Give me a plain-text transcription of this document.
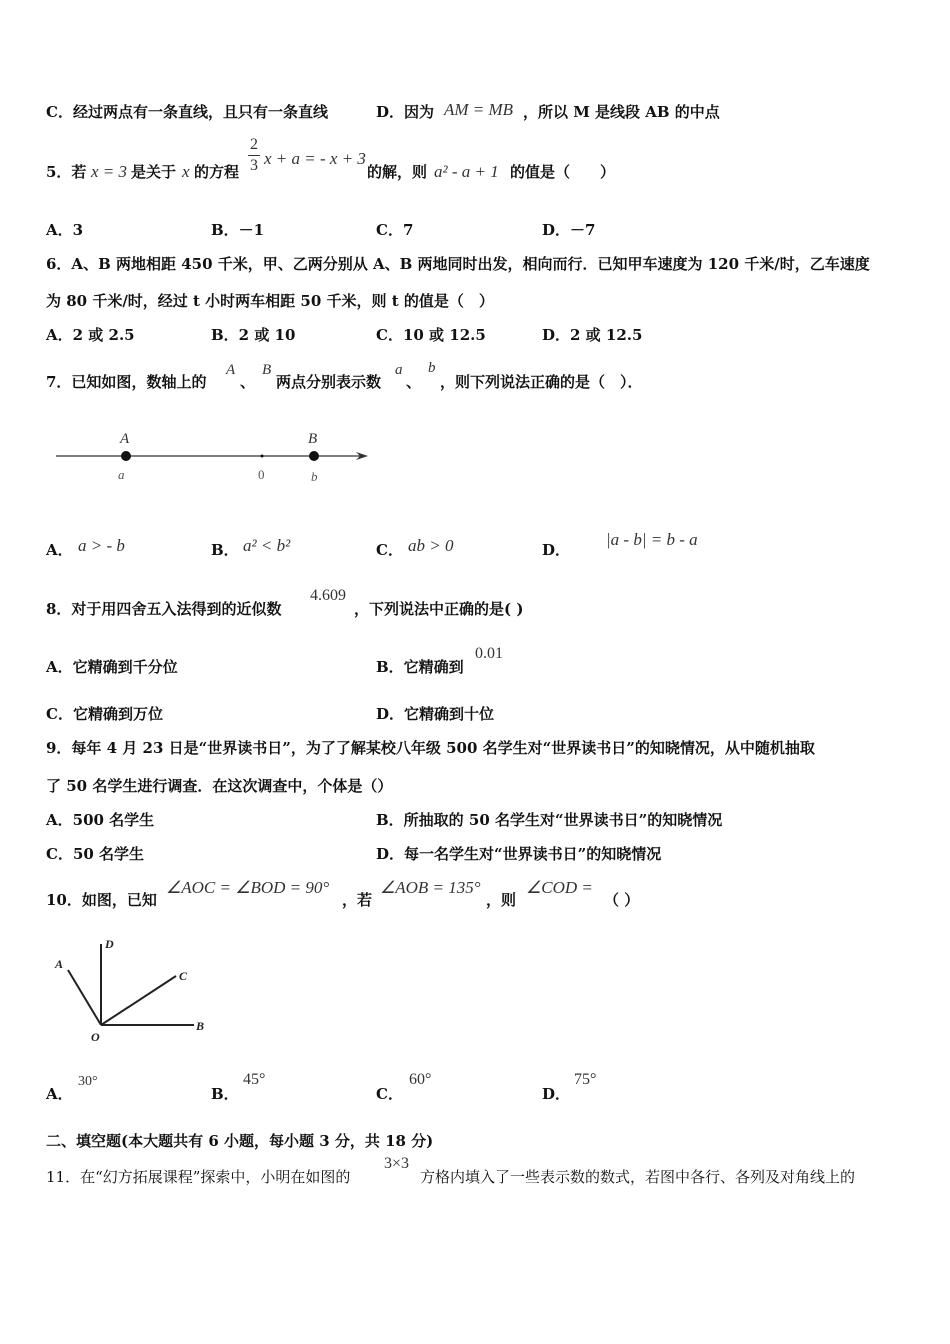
C．经过两点有一条直线，且只有一条直线	D．因为 AM = MB ，所以 M 是线段 AB 的中点
5．若 x = 3 是关于 x 的方程
2
3 x + a = - x + 3
的解，则 a² - a + 1 的值是（　　）
A．3	B．－1	C．7	D．－7
6．A、B 两地相距 450 千米，甲、乙两分别从 A、B 两地同时出发，相向而行．已知甲车速度为 120 千米/时，乙车速度
为 80 千米/时，经过 t 小时两车相距 50 千米，则 t 的值是（　）
A．2 或 2.5	B．2 或 10	C．10 或 12.5	D．2 或 12.5
7．已知如图，数轴上的
A
、
B
两点分别表示数
a
、
b
，则下列说法正确的是（　）．
A	B
a	0	b
A． a > - b	B． a² < b²	C． ab > 0	D．
|a - b| = b - a
8．对于用四舍五入法得到的近似数
4.609
，下列说法中正确的是( )
A．它精确到千分位	B．它精确到
0.01
C．它精确到万位	D．它精确到十位
9．每年 4 月 23 日是“世界读书日”，为了了解某校八年级 500 名学生对“世界读书日”的知晓情况，从中随机抽取
了 50 名学生进行调查．在这次调查中，个体是（）
A．500 名学生	B．所抽取的 50 名学生对“世界读书日”的知晓情况
C．50 名学生	D．每一名学生对“世界读书日”的知晓情况
10．如图，已知
∠AOC = ∠BOD = 90°
，若
∠AOB = 135°
，则
∠COD =
（ ）
D
A
C
O
B
A．
30°
B．
45°
C．
60°
D．
75°
二、填空题(本大题共有 6 小题，每小题 3 分，共 18 分)
11．在“幻方拓展课程”探索中，小明在如图的
3×3
方格内填入了一些表示数的数式，若图中各行、各列及对角线上的
